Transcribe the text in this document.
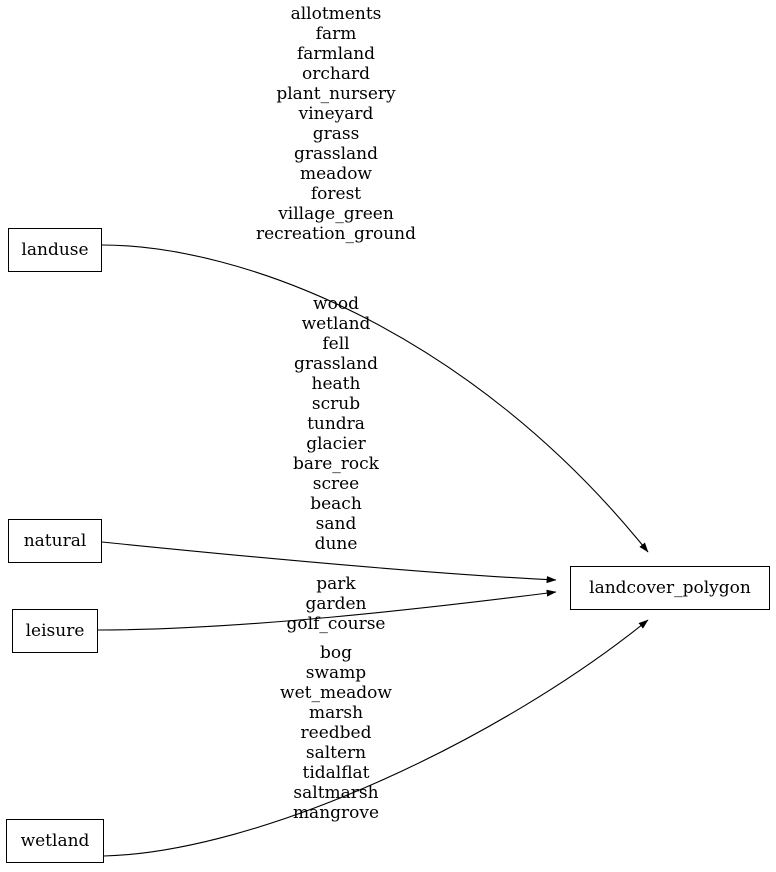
landuse
natural
leisure
wetland
landcover_polygon
allotments
farm
farmland
orchard
plant_nursery
vineyard
grass
grassland
meadow
forest
village_green
recreation_ground
wood
wetland
fell
grassland
heath
scrub
tundra
glacier
bare_rock
scree
beach
sand
dune
park
garden
golf_course
bog
swamp
wet_meadow
marsh
reedbed
saltern
tidalflat
saltmarsh
mangrove
